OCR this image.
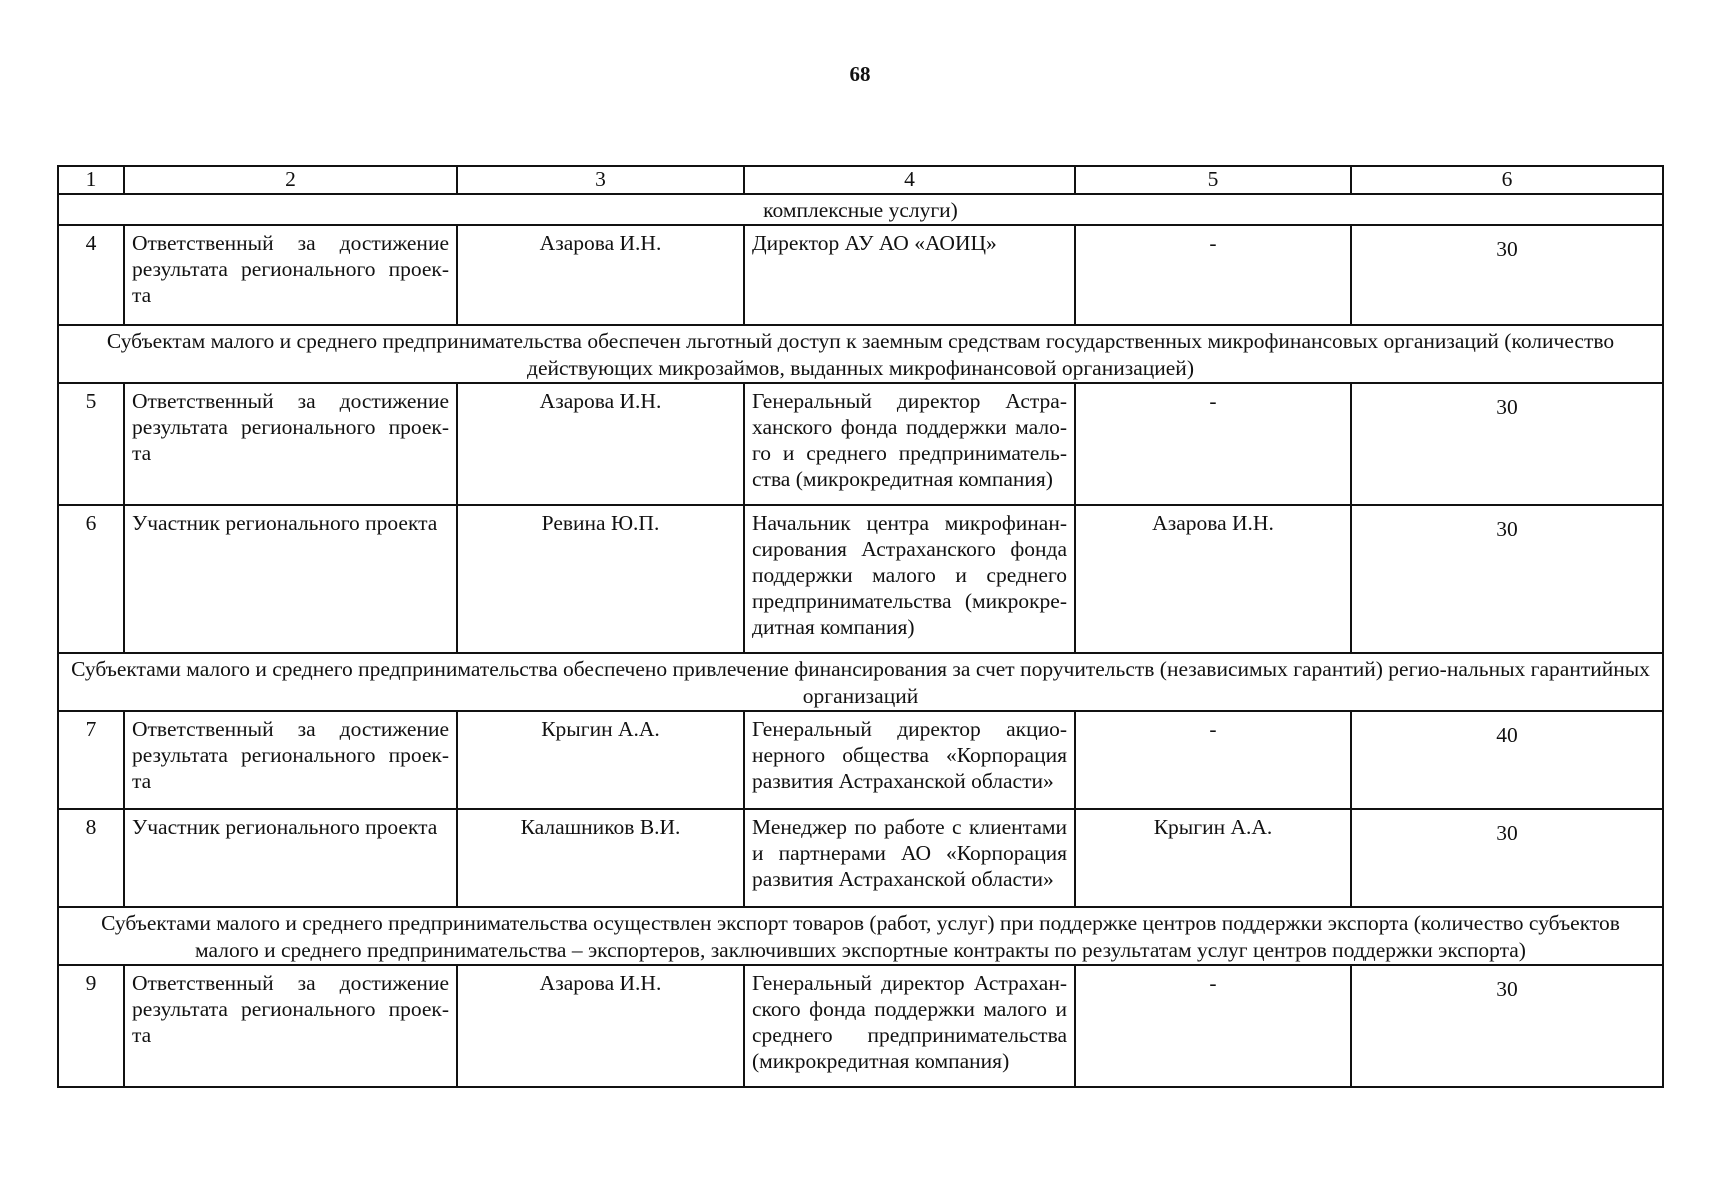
68
1	2	3	4	5	6
комплексные услуги)					
4	Ответственный за достижение результата регионального проек-та	Азарова И.Н.	Директор АУ АО «АОИЦ»	-	30
Субъектам малого и среднего предпринимательства обеспечен льготный доступ к заемным средствам государственных микрофинансовых организаций (количество действующих микрозаймов, выданных микрофинансовой организацией)					
5	Ответственный за достижение результата регионального проек-та	Азарова И.Н.	Генеральный директор Астра-ханского фонда поддержки мало-го и среднего предприниматель-ства (микрокредитная компания)	-	30
6	Участник регионального проекта	Ревина Ю.П.	Начальник центра микрофинан-сирования Астраханского фонда поддержки малого и среднего предпринимательства (микрокре-дитная компания)	Азарова И.Н.	30
Субъектами малого и среднего предпринимательства обеспечено привлечение финансирования за счет поручительств (независимых гарантий) регио-нальных гарантийных организаций					
7	Ответственный за достижение результата регионального проек-та	Крыгин А.А.	Генеральный директор акцио-нерного общества «Корпорация развития Астраханской области»	-	40
8	Участник регионального проекта	Калашников В.И.	Менеджер по работе с клиентами и партнерами АО «Корпорация развития Астраханской области»	Крыгин А.А.	30
Субъектами малого и среднего предпринимательства осуществлен экспорт товаров (работ, услуг) при поддержке центров поддержки экспорта (количество субъектов малого и среднего предпринимательства – экспортеров, заключивших экспортные контракты по результатам услуг центров поддержки экспорта)					
9	Ответственный за достижение результата регионального проек-та	Азарова И.Н.	Генеральный директор Астрахан-ского фонда поддержки малого и среднего предпринимательства (микрокредитная компания)	-	30
